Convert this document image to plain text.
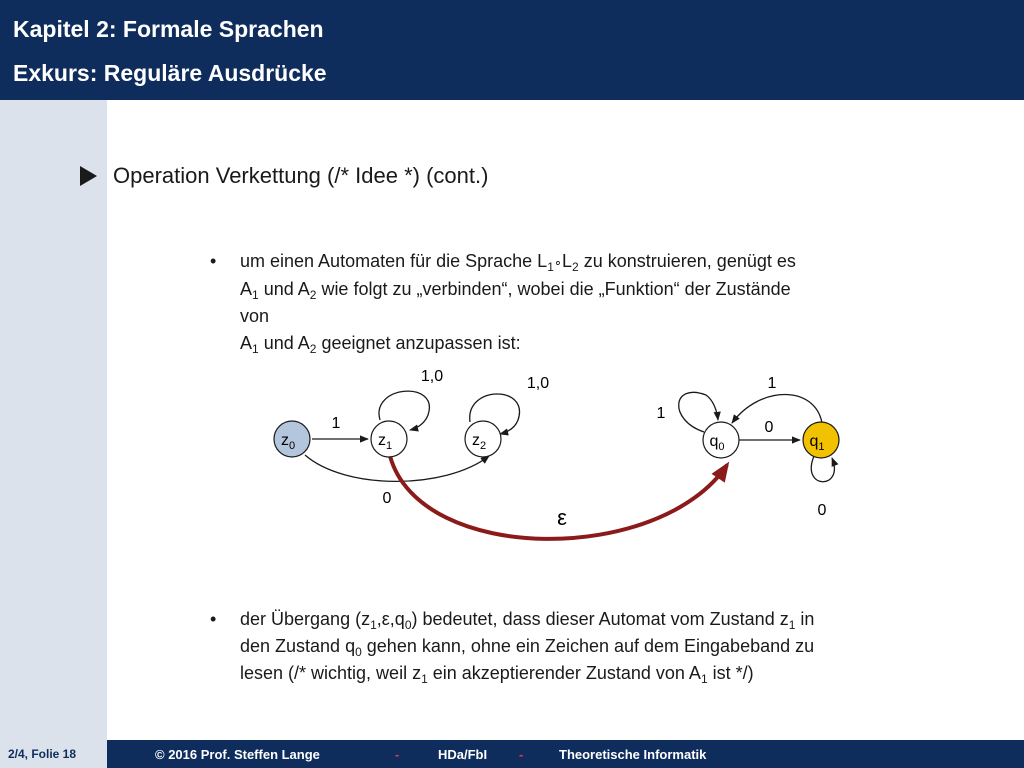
Kapitel 2: Formale Sprachen
Exkurs: Reguläre Ausdrücke
Operation Verkettung (/* Idee *) (cont.)
• um einen Automaten für die Sprache $L_1\circ L_2$ zu konstruieren, genügt es
$A_1$ und $A_2$ wie folgt zu „verbinden“, wobei die „Funktion“ der Zustände
von
$A_1$ und $A_2$ geeignet anzupassen ist:
1
0
1,0	1,0
ε
1
0
1
0
$z_0$	$z_1$	$z_2$	$q_0$	$q_1$
• der Übergang $(z_1,\varepsilon,q_0)$ bedeutet, dass dieser Automat vom Zustand $z_1$ in
den Zustand $q_0$ gehen kann, ohne ein Zeichen auf dem Eingabeband zu
lesen (/* wichtig, weil $z_1$ ein akzeptierender Zustand von $A_1$ ist */)
2/4, Folie 18	© 2016 Prof. Steffen Lange	-	HDa/FbI -	Theoretische Informatik
